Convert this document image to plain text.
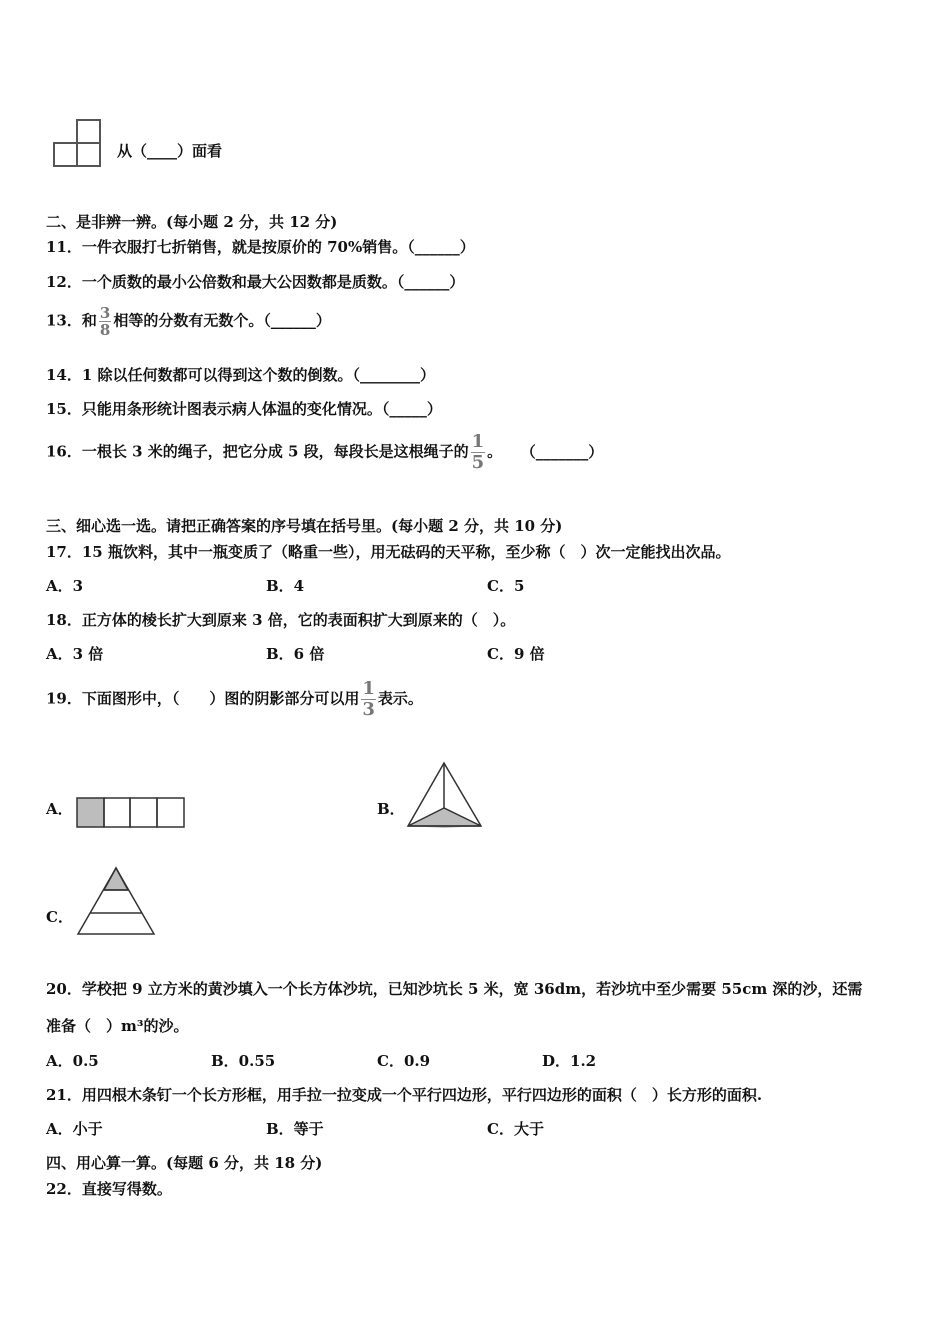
从（____）面看
二、是非辨一辨。(每小题 2 分，共 12 分)
11．一件衣服打七折销售，就是按原价的 70%销售。（______）
12．一个质数的最小公倍数和最大公因数都是质数。（______）
13．和 $\frac{3}{8}$ 相等的分数有无数个。（______）
14．1 除以任何数都可以得到这个数的倒数。（________）
15．只能用条形统计图表示病人体温的变化情况。（_____）
16．一根长 3 米的绳子，把它分成 5 段，每段长是这根绳子的 $\frac{1}{5}$ 。 （_______）
三、细心选一选。请把正确答案的序号填在括号里。(每小题 2 分，共 10 分)
17．15 瓶饮料，其中一瓶变质了（略重一些），用无砝码的天平称，至少称（　）次一定能找出次品。
A．3	B．4	C．5
18．正方体的棱长扩大到原来 3 倍，它的表面积扩大到原来的（　）。
A．3 倍	B．6 倍	C．9 倍
19．下面图形中，（　　）图的阴影部分可以用 $\frac{1}{3}$ 表示。
A．	B．
C．
20．学校把 9 立方米的黄沙填入一个长方体沙坑，已知沙坑长 5 米，宽 36dm，若沙坑中至少需要 55cm 深的沙，还需
准备（　）m³的沙。
A．0.5	B．0.55	C．0.9	D．1.2
21．用四根木条钉一个长方形框，用手拉一拉变成一个平行四边形，平行四边形的面积（　）长方形的面积.
A．小于	B．等于	C．大于
四、用心算一算。(每题 6 分，共 18 分)
22．直接写得数。
